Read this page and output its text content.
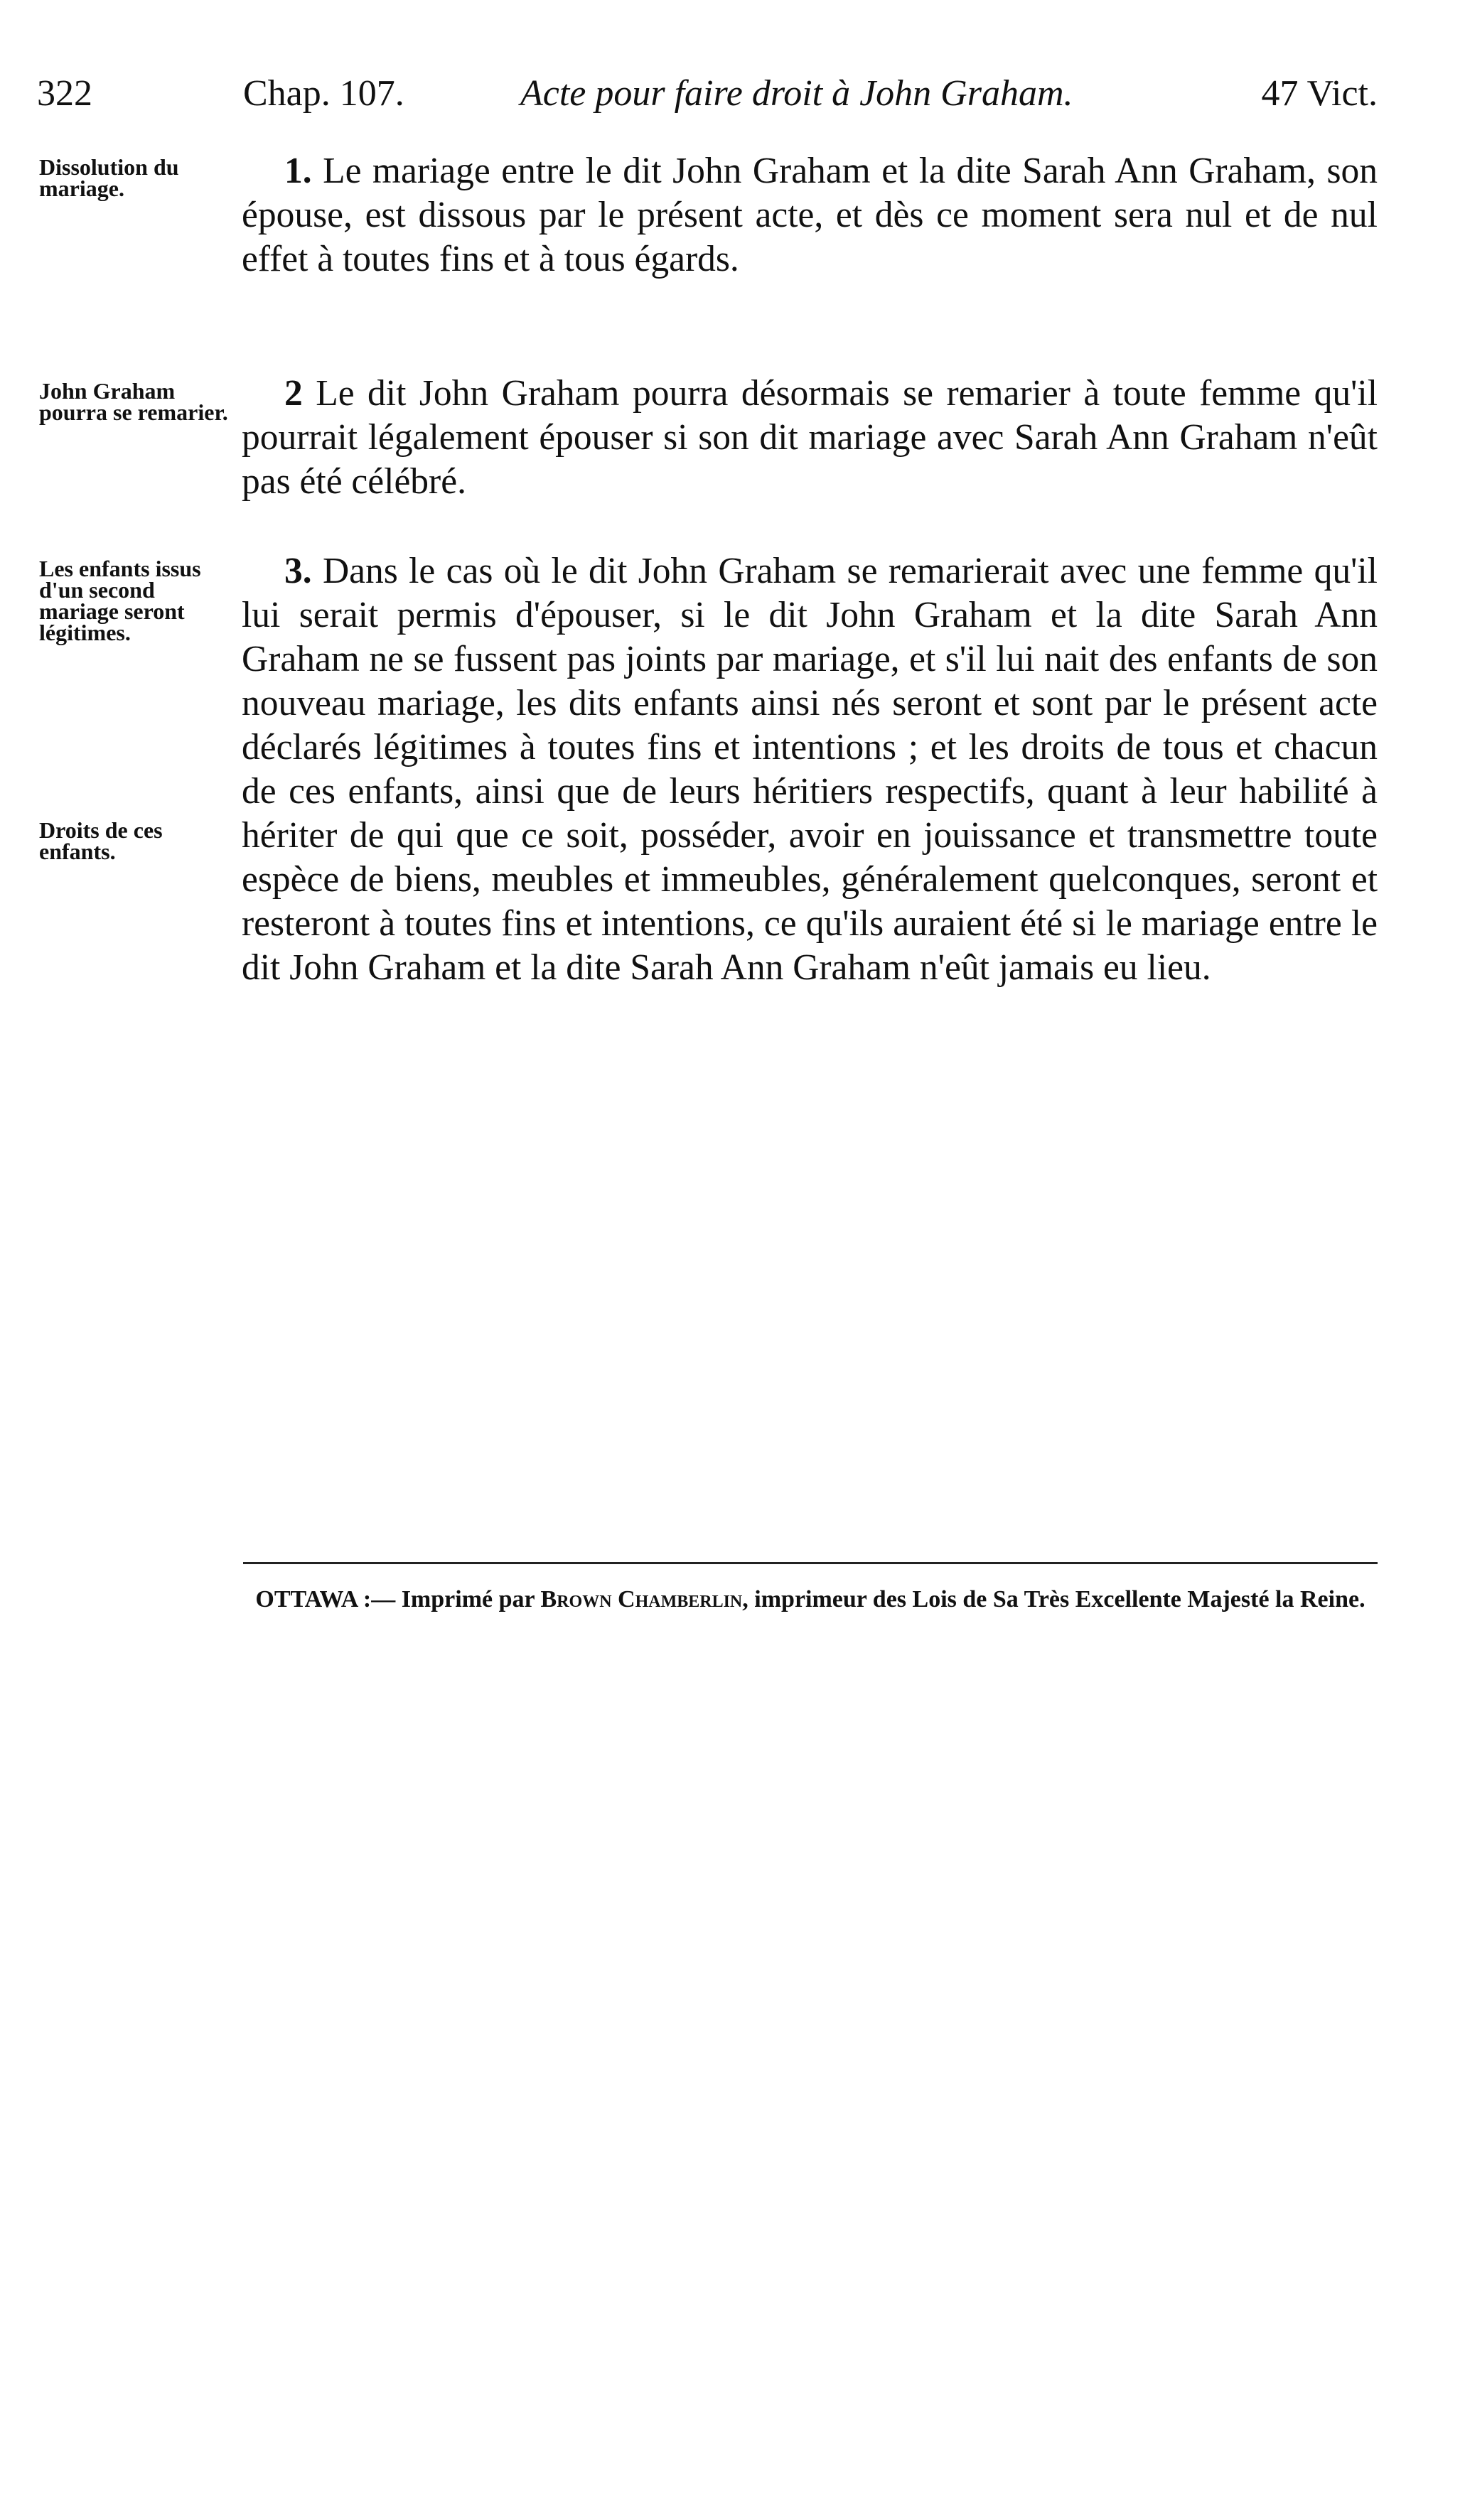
322	Chap. 107.	Acte pour faire droit à John Graham.	47 Vict.
Dissolution du mariage.	1. Le mariage entre le dit John Graham et la dite Sarah Ann Graham, son épouse, est dissous par le présent acte, et dès ce moment sera nul et de nul effet à toutes fins et à tous égards.
John Graham pourra se remarier.	2 Le dit John Graham pourra désormais se remarier à toute femme qu'il pourrait légalement épouser si son dit mariage avec Sarah Ann Graham n'eût pas été célébré.
Les enfants issus d'un second mariage seront légitimes.
Droits de ces enfants.
3. Dans le cas où le dit John Graham se remarierait avec une femme qu'il lui serait permis d'épouser, si le dit John Graham et la dite Sarah Ann Graham ne se fussent pas joints par mariage, et s'il lui nait des enfants de son nouveau mariage, les dits enfants ainsi nés seront et sont par le présent acte déclarés légitimes à toutes fins et intentions ; et les droits de tous et chacun de ces enfants, ainsi que de leurs héritiers respectifs, quant à leur habilité à hériter de qui que ce soit, posséder, avoir en jouissance et transmettre toute espèce de biens, meubles et immeubles, généralement quelconques, seront et resteront à toutes fins et intentions, ce qu'ils auraient été si le mariage entre le dit John Graham et la dite Sarah Ann Graham n'eût jamais eu lieu.
OTTAWA :— Imprimé par Brown Chamberlin, imprimeur des Lois de Sa Très Excellente Majesté la Reine.
